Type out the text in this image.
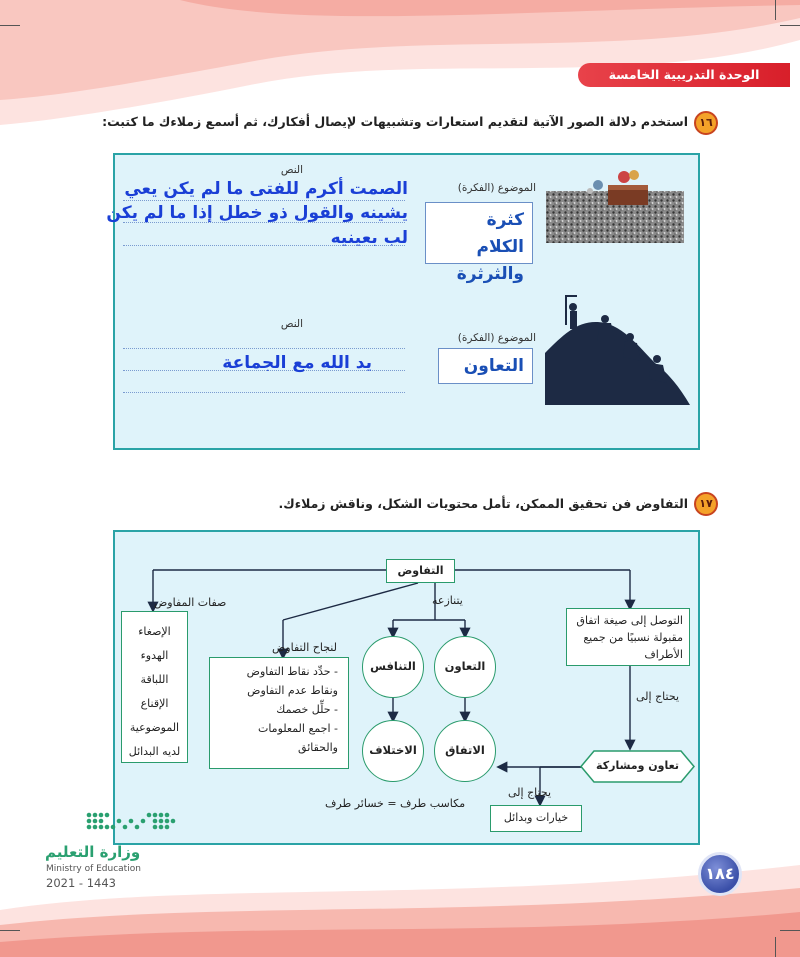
الوحدة التدريبية الخامسة
١٦
استخدم دلالة الصور الآتية لتقديم استعارات وتشبيهات لإيصال أفكارك، ثم أسمع زملاءك ما كتبت:
الموضوع (الفكرة)
النص
كثرة الكلام
والثرثرة
الصمت أكرم للفتى ما لم يكن يعي
يشينه والقول ذو خطل إذا ما لم يكن
لب بعينيه
الموضوع (الفكرة)
النص
التعاون
يد الله مع الجماعة
١٧
التفاوض فن تحقيق الممكن، تأمل محتويات الشكل، وناقش زملاءك.
التفاوض
يتنازعه
صفات المفاوض
الإصغاء
الهدوء
اللباقة
الإقناع
الموضوعية
لديه البدائل
لنجاح التفاوض
- حدِّد نقاط التفاوض
ونقاط عدم التفاوض
- حلِّل خصمك
- اجمع المعلومات
والحقائق
التنافس	التعاون
الاختلاف	الاتفاق
التوصل إلى صيغة اتفاق
مقبولة نسبيًا من جميع
الأطراف
يحتاج إلى
تعاون ومشاركة
يحتاج إلى
خيارات وبدائل
مكاسب طرف = خسائر طرف
وزارة التعليم
Ministry of Education
2021 - 1443	١٨٤
